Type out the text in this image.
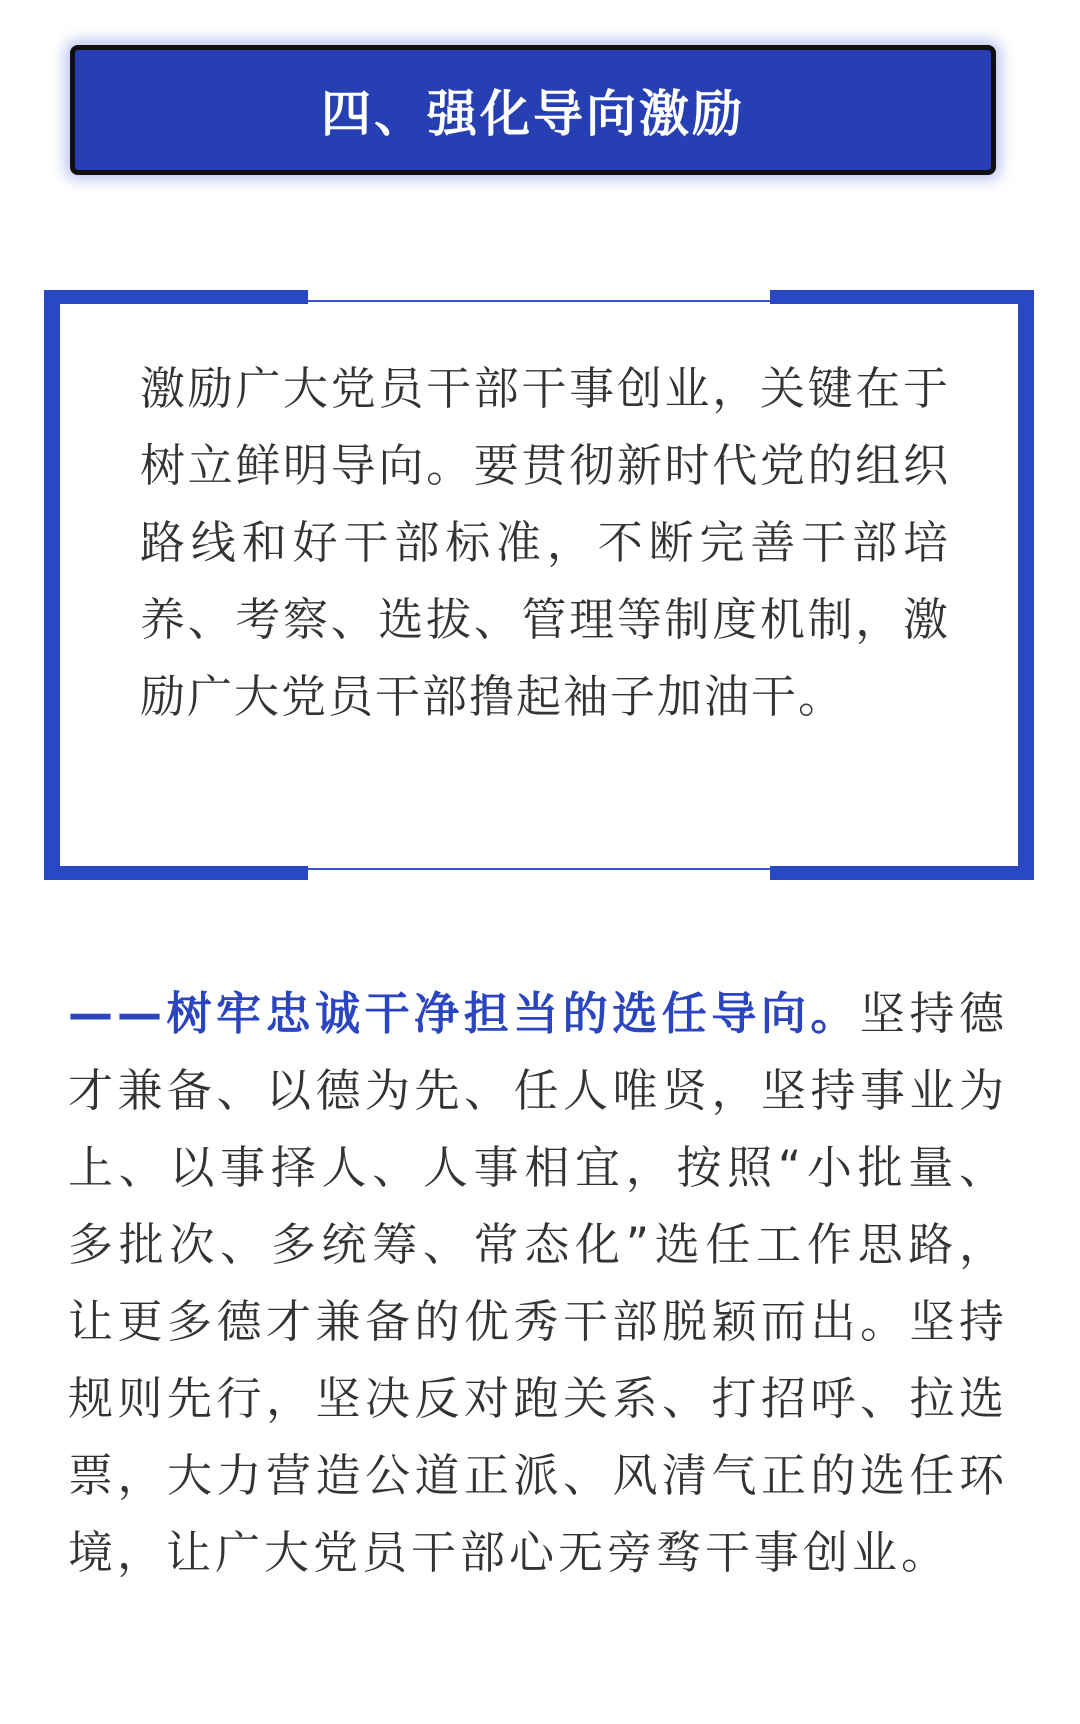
四、强化导向激励

激励广大党员干部干事创业，关键在于树立鲜明导向。要贯彻新时代党的组织路线和好干部标准，不断完善干部培养、考察、选拔、管理等制度机制，激励广大党员干部撸起袖子加油干。

——树牢忠诚干净担当的选任导向。坚持德才兼备、以德为先、任人唯贤，坚持事业为上、以事择人、人事相宜，按照“小批量、多批次、多统筹、常态化”选任工作思路，让更多德才兼备的优秀干部脱颖而出。坚持规则先行，坚决反对跑关系、打招呼、拉选票，大力营造公道正派、风清气正的选任环境，让广大党员干部心无旁骛干事创业。
